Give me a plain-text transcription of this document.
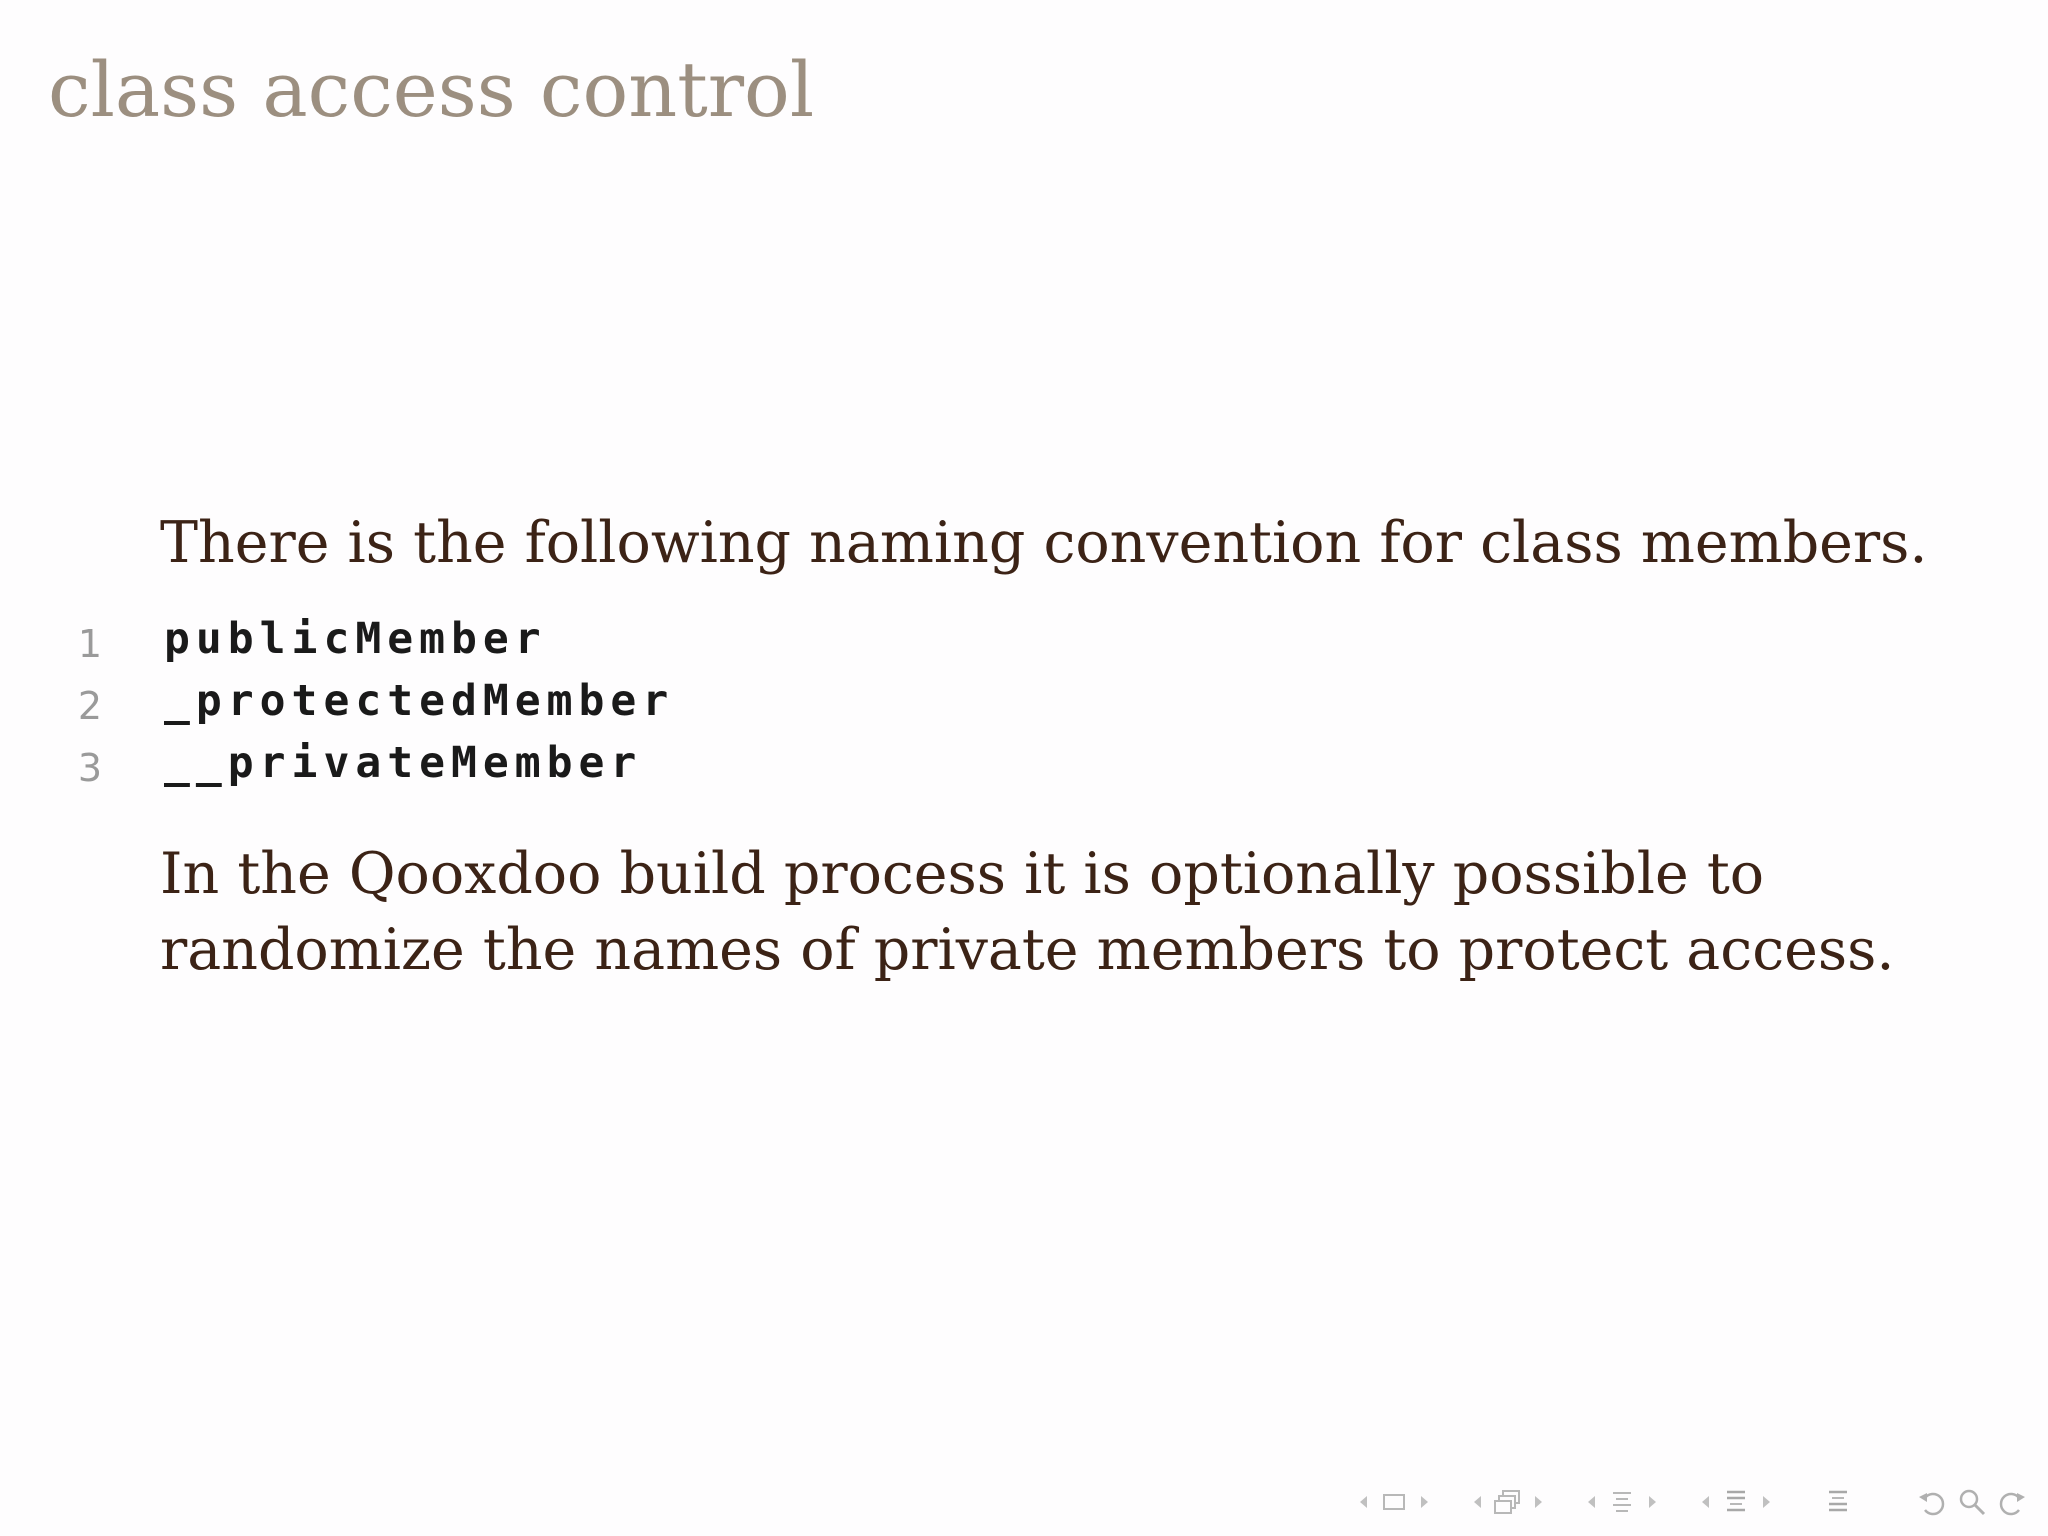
class access control

There is the following naming convention for class members.

1 publicMember
2 _protectedMember
3 __privateMember

In the Qooxdoo build process it is optionally possible to
randomize the names of private members to protect access.
